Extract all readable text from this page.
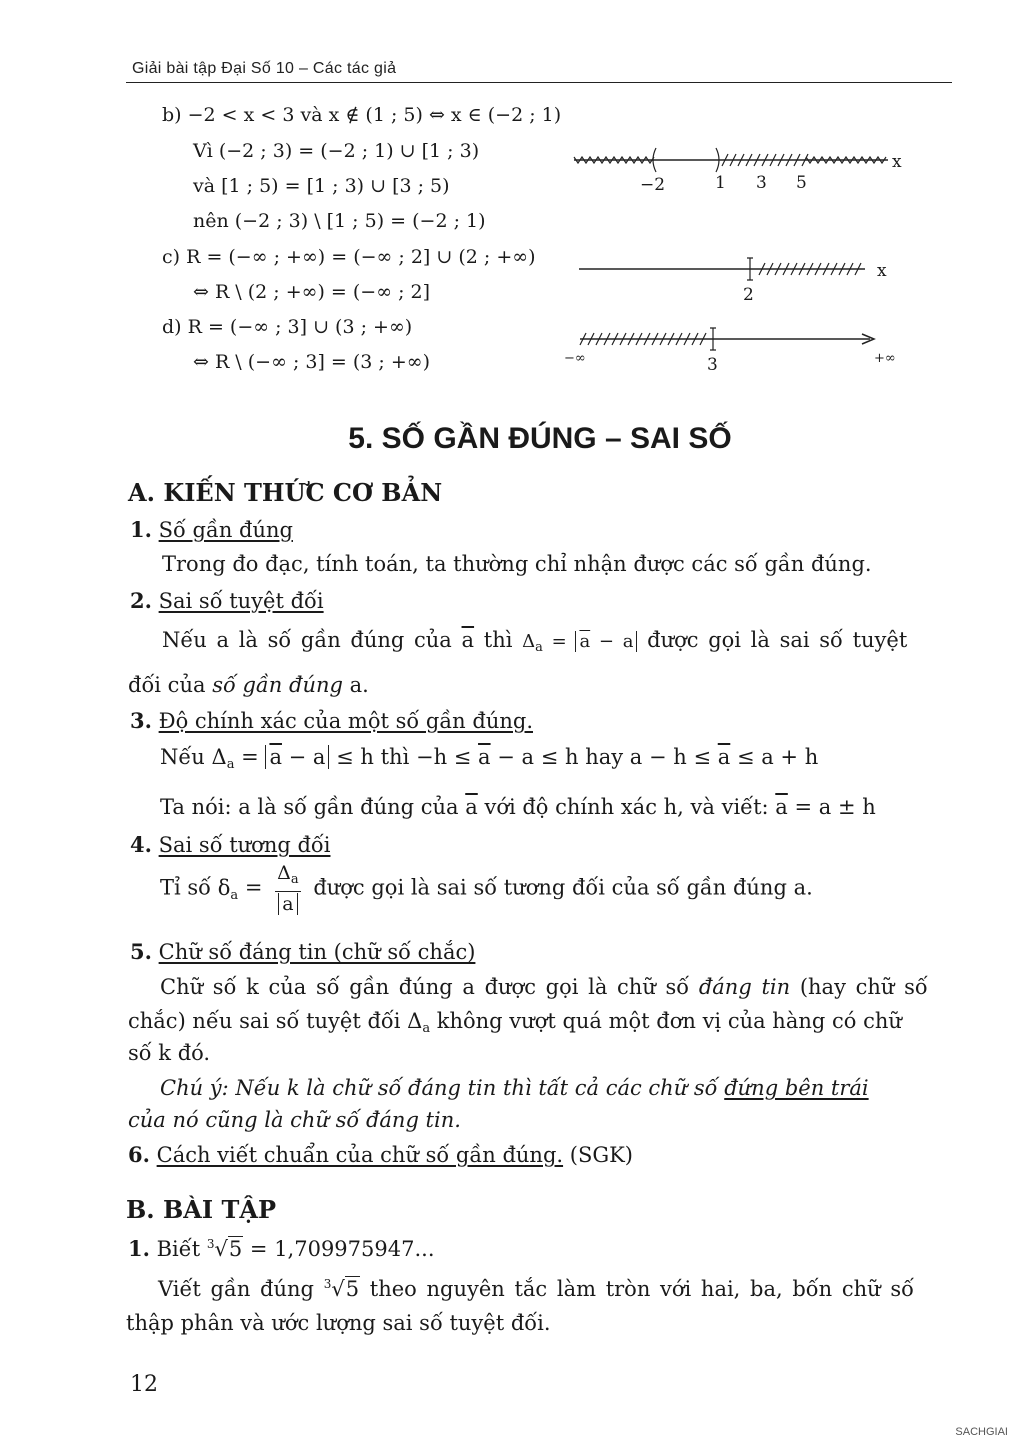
Giải bài tập Đại Số 10 – Các tác giả
b) −2 < x < 3 và x ∉ (1 ; 5) ⇔ x ∈ (−2 ; 1)
Vì (−2 ; 3) = (−2 ; 1) ∪ [1 ; 3)
và [1 ; 5) = [1 ; 3) ∪ [3 ; 5)
nên (−2 ; 3) \ [1 ; 5) = (−2 ; 1)
c) R = (−∞ ; +∞) = (−∞ ; 2] ∪ (2 ; +∞)
⇔ R \ (2 ; +∞) = (−∞ ; 2]
d) R = (−∞ ; 3] ∪ (3 ; +∞)
⇔ R \ (−∞ ; 3] = (3 ; +∞)
x
−2	1 3 5
x
2
−∞	3	+∞
5. SỐ GẦN ĐÚNG – SAI SỐ
A. KIẾN THỨC CƠ BẢN
1. Số gần đúng
Trong đo đạc, tính toán, ta thường chỉ nhận được các số gần đúng.
2. Sai số tuyệt đối
Nếu a là số gần đúng của $\overline{a}$ thì $\Delta_a = \overline{a} - a$ được gọi là sai số tuyệt
đối của số gần đúng a.
3. Độ chính xác của một số gần đúng.
Nếu $\Delta_a = \overline{a} - a \le h$ thì $-h \le \overline{a} - a \le h$ hay $a - h \le \overline{a} \le a + h$
Ta nói: a là số gần đúng của $\overline{a}$ với độ chính xác h, và viết: $\overline{a} = a \pm h$
4. Sai số tương đối
Tỉ số $\delta_a = \frac{\Delta_a}{a}$ được gọi là sai số tương đối của số gần đúng a.
5. Chữ số đáng tin (chữ số chắc)
Chữ số k của số gần đúng a được gọi là chữ số đáng tin (hay chữ số
chắc) nếu sai số tuyệt đối $\Delta_a$ không vượt quá một đơn vị của hàng có chữ
số k đó.
Chú ý: Nếu k là chữ số đáng tin thì tất cả các chữ số đứng bên trái
của nó cũng là chữ số đáng tin.
6. Cách viết chuẩn của chữ số gần đúng. (SGK)
B. BÀI TẬP
1. Biết $^3$√5 = 1,709975947...
Viết gần đúng $^3$√5 theo nguyên tắc làm tròn với hai, ba, bốn chữ số
thập phân và ước lượng sai số tuyệt đối.
12
SACHGIAI
